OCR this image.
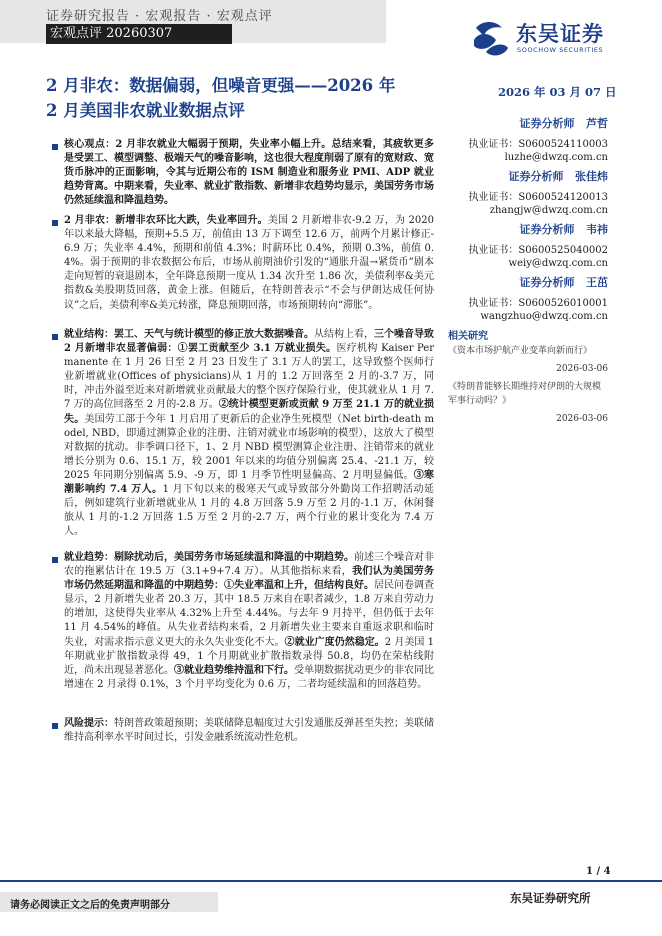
证券研究报告 · 宏观报告 · 宏观点评
宏观点评 20260307	东吴证券
SOOCHOW SECURITIES
2 月非农：数据偏弱，但噪音更强——2026 年
2 月美国非农就业数据点评
2026 年 03 月 07 日
证券分析师 芦哲
执业证书：S0600524110003
luzhe@dwzq.com.cn
证券分析师 张佳炜
执业证书：S0600524120013
zhangjw@dwzq.com.cn
证券分析师 韦祎
执业证书：S0600525040002
weiy@dwzq.com.cn
证券分析师 王茁
执业证书：S0600526010001
wangzhuo@dwzq.com.cn
相关研究
《资本市场护航产业变革向新而行》
2026-03-06
《特朗普能够长期维持对伊朗的大规模军事行动吗？》
2026-03-06
核心观点：2 月非农就业大幅弱于预期，失业率小幅上升。总结来看，其疲软更多是受罢工、模型调整、极端天气的噪音影响，这也很大程度削弱了原有的宽财政、宽货币脉冲的正面影响，令其与近期公布的 ISM 制造业和服务业 PMI、ADP 就业趋势背离。中期来看，失业率、就业扩散指数、新增非农趋势均显示，美国劳务市场仍然延续温和降温趋势。
2 月非农：新增非农环比大跌，失业率回升。美国 2 月新增非农-9.2 万，为 2020 年以来最大降幅，预期+5.5 万，前值由 13 万下调至 12.6 万，前两个月累计修正-6.9 万；失业率 4.4%，预期和前值 4.3%；时薪环比 0.4%，预期 0.3%，前值 0.4%。弱于预期的非农数据公布后，市场从前期油价引发的“通胀升温→紧货币”剧本走向短暂的衰退剧本，全年降息预期一度从 1.34 次升至 1.86 次，美债利率&美元指数&美股期货回落，黄金上涨。但随后，在特朗普表示“不会与伊朗达成任何协议”之后，美债利率&美元转涨，降息预期回落，市场预期转向“滞胀”。
就业结构：罢工、天气与统计模型的修正放大数据噪音。从结构上看，三个噪音导致 2 月新增非农显著偏弱：①罢工贡献至少 3.1 万就业损失。医疗机构 Kaiser Permanente 在 1 月 26 日至 2 月 23 日发生了 3.1 万人的罢工，这导致整个医师行业新增就业(Offices of physicians)从 1 月的 1.2 万回落至 2 月的-3.7 万，同时，冲击外溢至近来对新增就业贡献最大的整个医疗保险行业，使其就业从 1 月 7.7 万的高位回落至 2 月的-2.8 万。②统计模型更新或贡献 9 万至 21.1 万的就业损失。美国劳工部于今年 1 月启用了更新后的企业净生死模型（Net birth-death model, NBD，即通过测算企业的注册、注销对就业市场影响的模型），这放大了模型对数据的扰动。非季调口径下，1、2 月 NBD 模型测算企业注册、注销带来的就业增长分别为 0.6、15.1 万，较 2001 年以来的均值分别偏离 25.4、-21.1 万，较 2025 年同期分别偏离 5.9、-9 万，即 1 月季节性明显偏高、2 月明显偏低。③寒潮影响约 7.4 万人。1 月下旬以来的极寒天气或导致部分外勤岗工作招聘活动延后，例如建筑行业新增就业从 1 月的 4.8 万回落 5.9 万至 2 月的-1.1 万，休闲餐旅从 1 月的-1.2 万回落 1.5 万至 2 月的-2.7 万，两个行业的累计变化为 7.4 万人。
就业趋势：剔除扰动后，美国劳务市场延续温和降温的中期趋势。前述三个噪音对非农的拖累估计在 19.5 万（3.1+9+7.4 万）。从其他指标来看，我们认为美国劳务市场仍然延期温和降温的中期趋势：①失业率温和上升，但结构良好。居民问卷调查显示，2 月新增失业者 20.3 万，其中 18.5 万来自在职者减少，1.8 万来自劳动力的增加，这使得失业率从 4.32%上升至 4.44%。与去年 9 月持平，但仍低于去年 11 月 4.54%的峰值。从失业者结构来看，2 月新增失业主要来自重返求职和临时失业，对需求指示意义更大的永久失业变化不大。②就业广度仍然稳定。2 月美国 1 年期就业扩散指数录得 49，1 个月期就业扩散指数录得 50.8，均仍在荣枯线附近，尚未出现显著恶化。③就业趋势维持温和下行。受单期数据扰动更少的非农同比增速在 2 月录得 0.1%，3 个月平均变化为 0.6 万，二者均延续温和的回落趋势。
风险提示：特朗普政策超预期；美联储降息幅度过大引发通胀反弹甚至失控；美联储维持高利率水平时间过长，引发金融系统流动性危机。
1 / 4
请务必阅读正文之后的免责声明部分
东吴证券研究所
